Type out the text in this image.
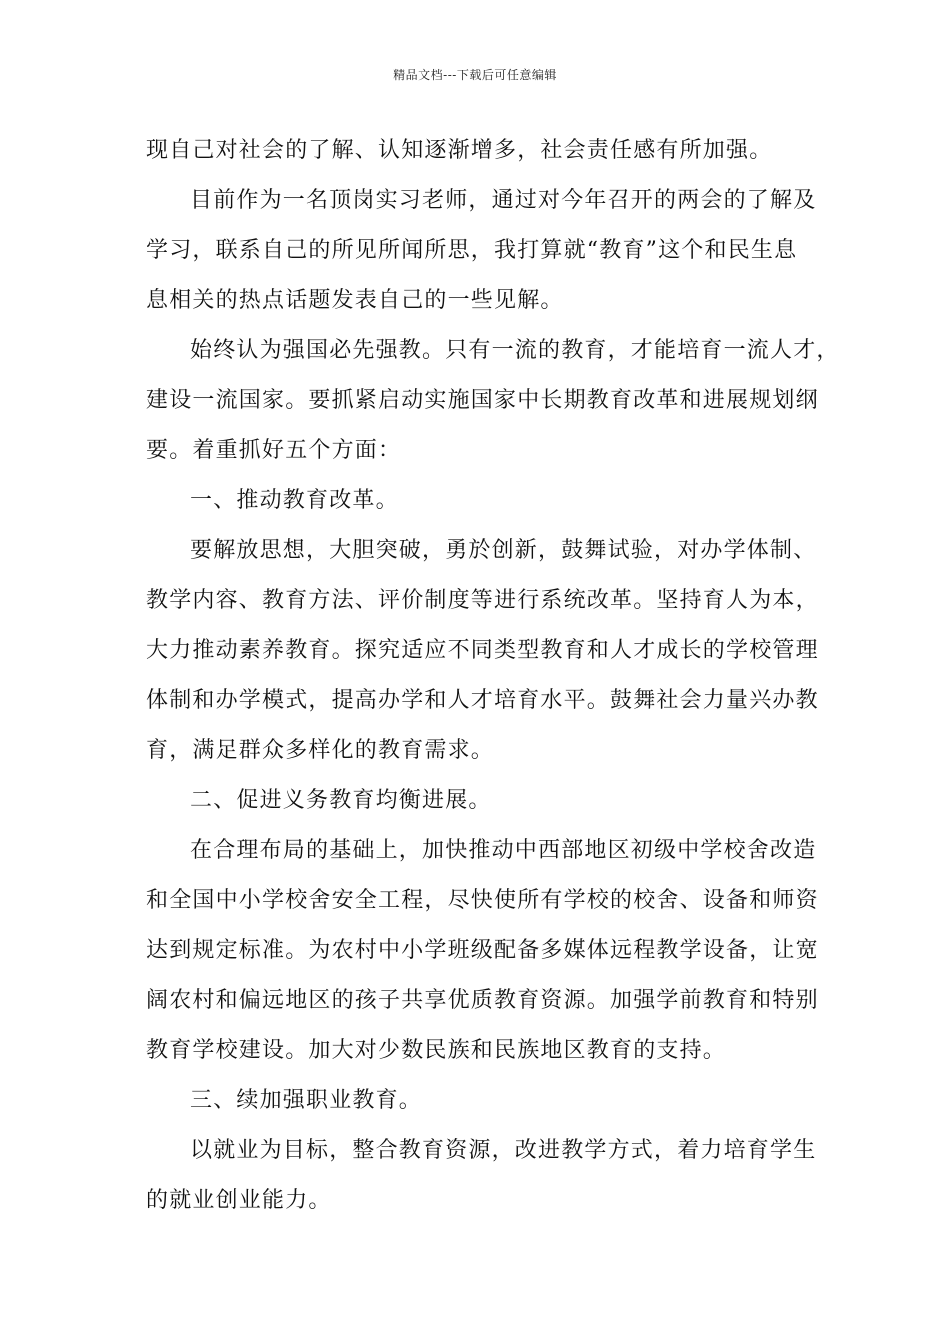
精品文档---下载后可任意编辑
现自己对社会的了解、认知逐渐增多，社会责任感有所加强。
目前作为一名顶岗实习老师，通过对今年召开的两会的了解及
学习，联系自己的所见所闻所思，我打算就“教育”这个和民生息
息相关的热点话题发表自己的一些见解。
始终认为强国必先强教。只有一流的教育，才能培育一流人才，
建设一流国家。要抓紧启动实施国家中长期教育改革和进展规划纲
要。着重抓好五个方面：
一、推动教育改革。
要解放思想，大胆突破，勇於创新，鼓舞试验，对办学体制、
教学内容、教育方法、评价制度等进行系统改革。坚持育人为本，
大力推动素养教育。探究适应不同类型教育和人才成长的学校管理
体制和办学模式，提高办学和人才培育水平。鼓舞社会力量兴办教
育，满足群众多样化的教育需求。
二、促进义务教育均衡进展。
在合理布局的基础上，加快推动中西部地区初级中学校舍改造
和全国中小学校舍安全工程，尽快使所有学校的校舍、设备和师资
达到规定标准。为农村中小学班级配备多媒体远程教学设备，让宽
阔农村和偏远地区的孩子共享优质教育资源。加强学前教育和特别
教育学校建设。加大对少数民族和民族地区教育的支持。
三、续加强职业教育。
以就业为目标，整合教育资源，改进教学方式，着力培育学生
的就业创业能力。
